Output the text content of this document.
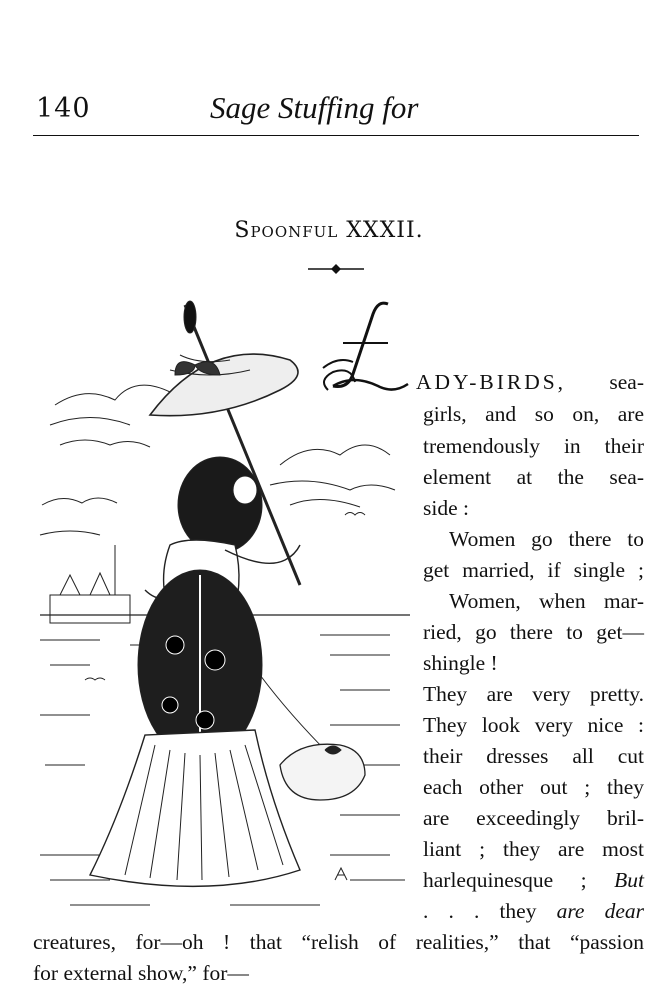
140	Sage Stuffing for
Spoonful XXXII.
ADY-BIRDS, sea-
girls, and so on, are
tremendously in their
element at the sea-
side :
Women go there to
get married, if single ;
Women, when mar-
ried, go there to get—
shingle !
They are very pretty.
They look very nice :
their dresses all cut
each other out ; they
are exceedingly bril-
liant ; they are most
harlequinesque ; But
. . . they are dear
creatures, for—oh ! that “relish of realities,” that “passion
for external show,” for—
